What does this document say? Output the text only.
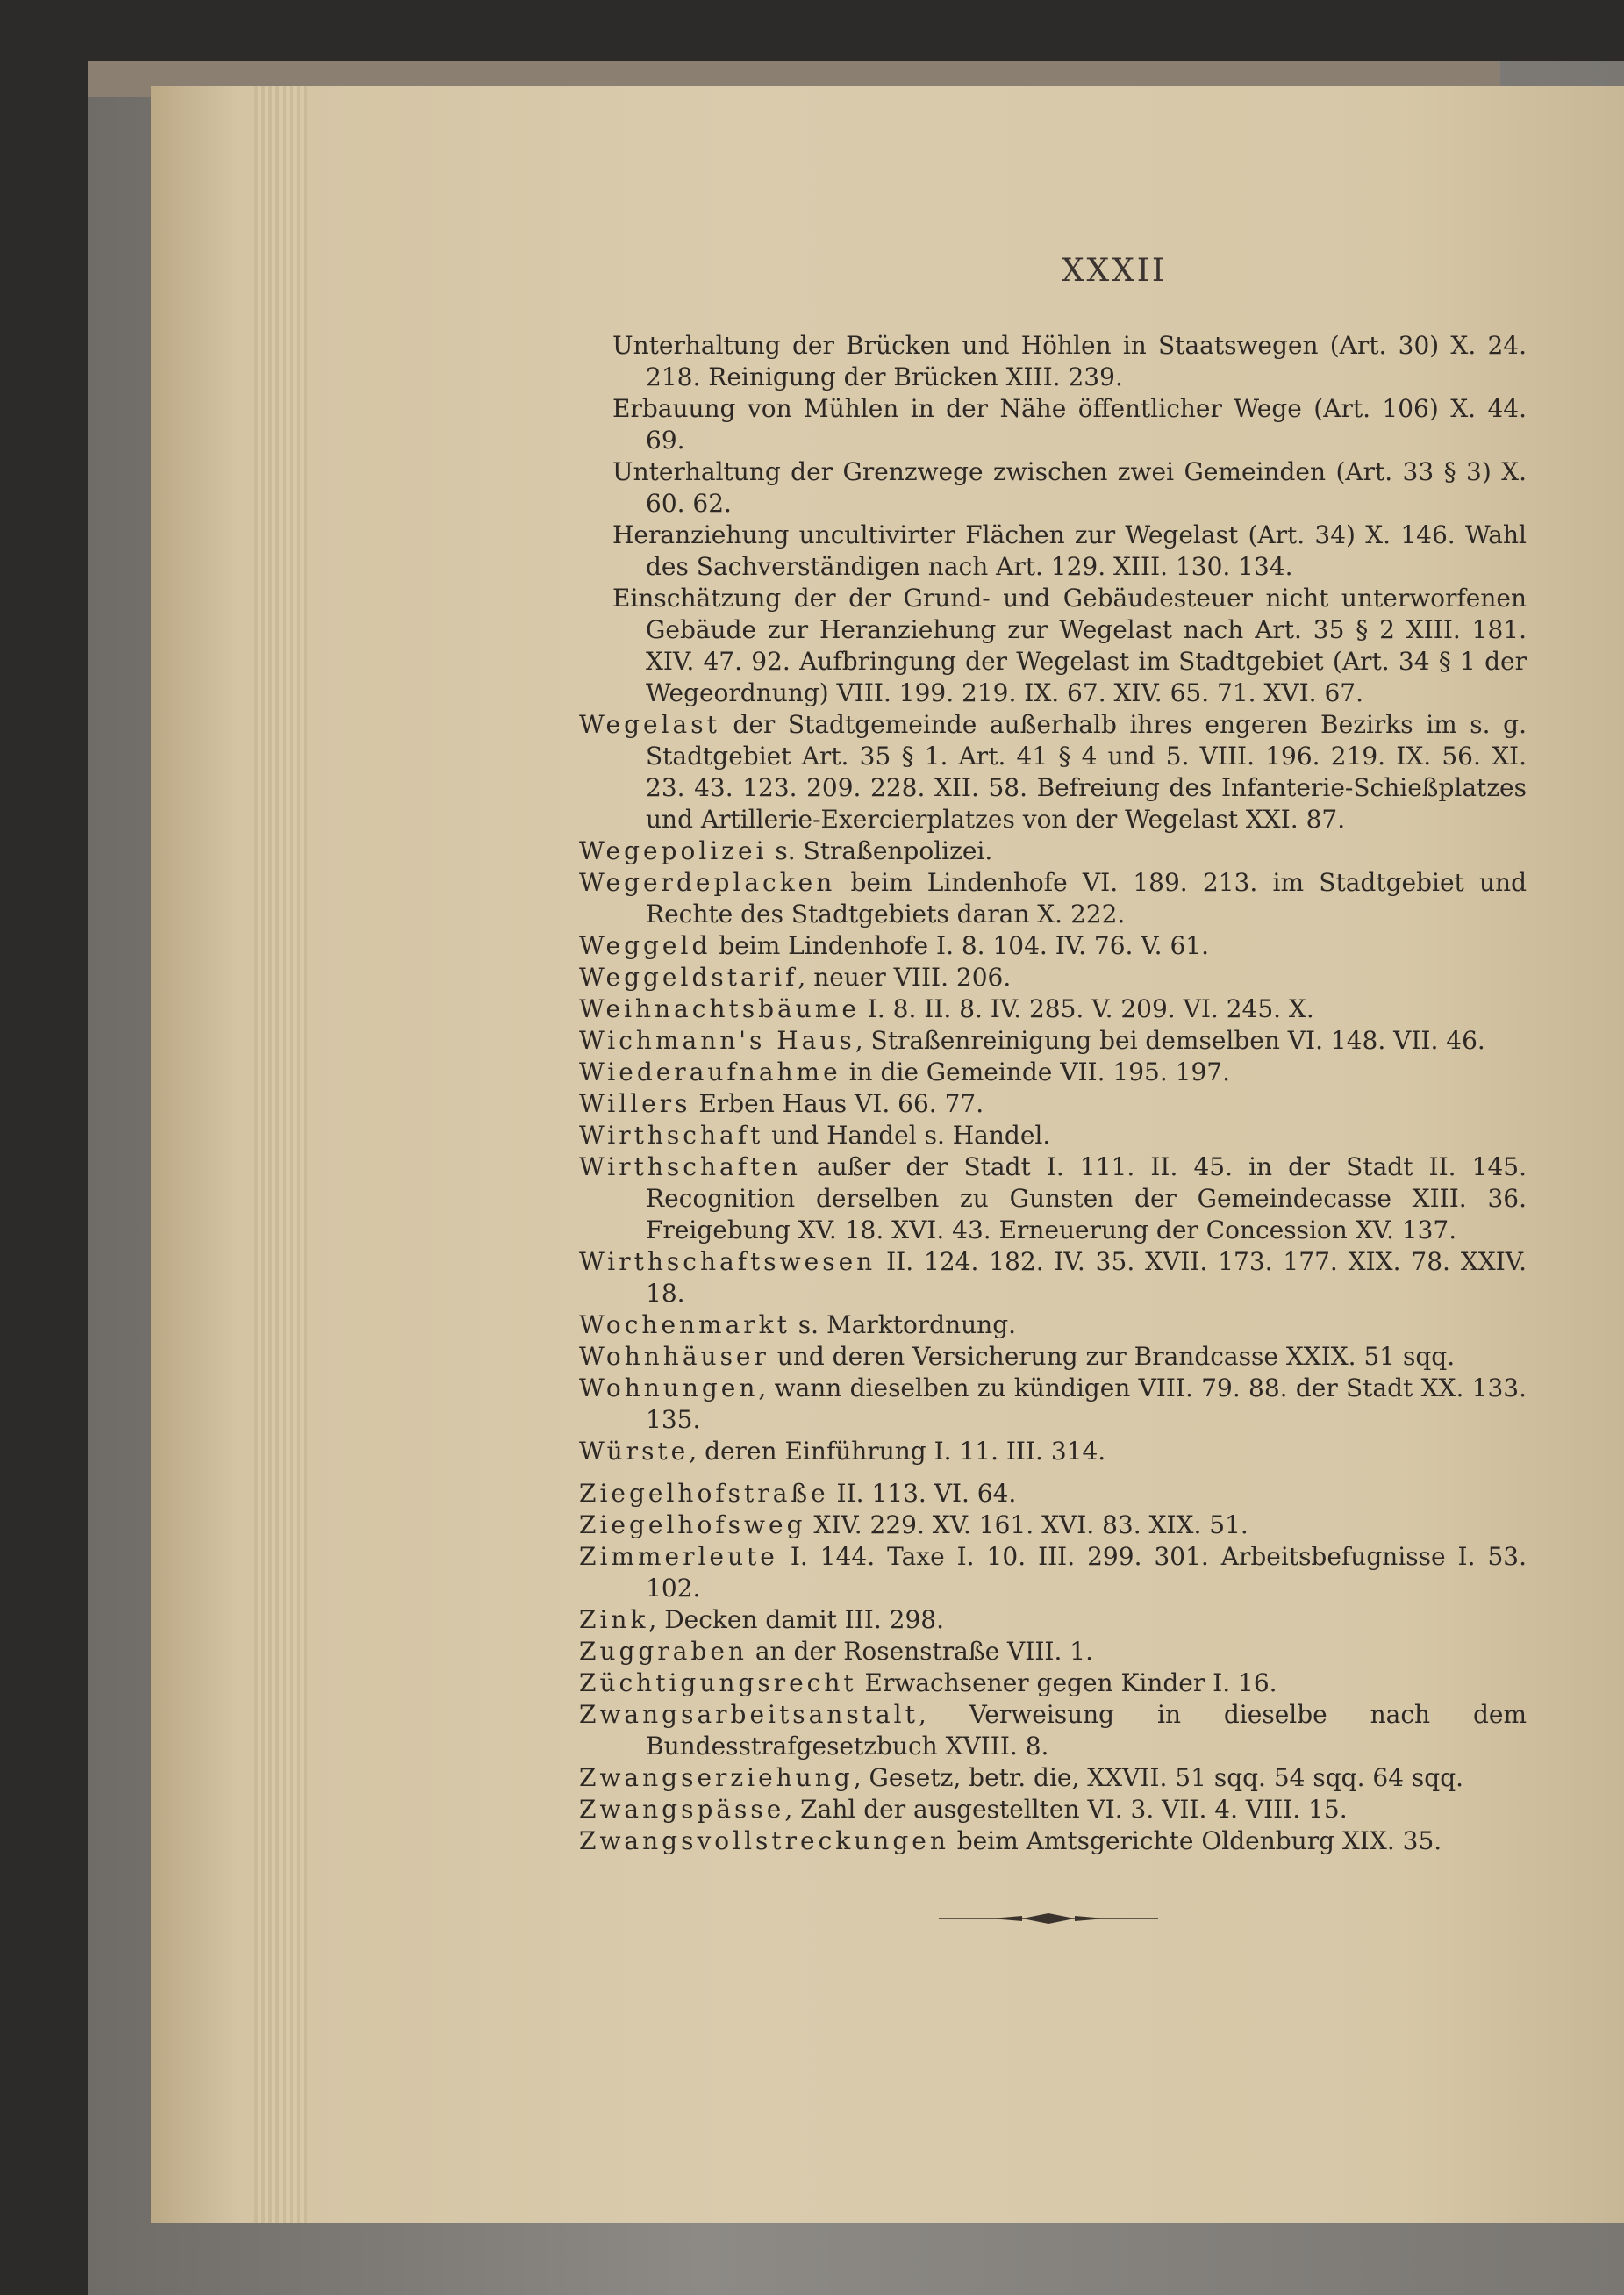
XXXII

Unterhaltung der Brücken und Höhlen in Staatswegen (Art. 30) X. 24. 218. Reinigung der Brücken XIII. 239.

Erbauung von Mühlen in der Nähe öffentlicher Wege (Art. 106) X. 44. 69.

Unterhaltung der Grenzwege zwischen zwei Gemeinden (Art. 33 § 3) X. 60. 62.

Heranziehung uncultivirter Flächen zur Wegelast (Art. 34) X. 146. Wahl des Sachverständigen nach Art. 129. XIII. 130. 134.

Einschätzung der der Grund- und Gebäudesteuer nicht unterworfenen Gebäude zur Heranziehung zur Wegelast nach Art. 35 § 2 XIII. 181. XIV. 47. 92. Aufbringung der Wegelast im Stadtgebiet (Art. 34 § 1 der Wegeordnung) VIII. 199. 219. IX. 67. XIV. 65. 71. XVI. 67.

Wegelast der Stadtgemeinde außerhalb ihres engeren Bezirks im s. g. Stadtgebiet Art. 35 § 1. Art. 41 § 4 und 5. VIII. 196. 219. IX. 56. XI. 23. 43. 123. 209. 228. XII. 58. Befreiung des Infanterie-Schießplatzes und Artillerie-Exercierplatzes von der Wegelast XXI. 87.

Wegepolizei s. Straßenpolizei.

Wegerdeplacken beim Lindenhofe VI. 189. 213. im Stadtgebiet und Rechte des Stadtgebiets daran X. 222.

Weggeld beim Lindenhofe I. 8. 104. IV. 76. V. 61.

Weggeldstarif, neuer VIII. 206.

Weihnachtsbäume I. 8. II. 8. IV. 285. V. 209. VI. 245. X.

Wichmann's Haus, Straßenreinigung bei demselben VI. 148. VII. 46.

Wiederaufnahme in die Gemeinde VII. 195. 197.

Willers Erben Haus VI. 66. 77.

Wirthschaft und Handel s. Handel.

Wirthschaften außer der Stadt I. 111. II. 45. in der Stadt II. 145. Recognition derselben zu Gunsten der Gemeindecasse XIII. 36. Freigebung XV. 18. XVI. 43. Erneuerung der Concession XV. 137.

Wirthschaftswesen II. 124. 182. IV. 35. XVII. 173. 177. XIX. 78. XXIV. 18.

Wochenmarkt s. Marktordnung.

Wohnhäuser und deren Versicherung zur Brandcasse XXIX. 51 sqq.

Wohnungen, wann dieselben zu kündigen VIII. 79. 88. der Stadt XX. 133. 135.

Würste, deren Einführung I. 11. III. 314.

Ziegelhofstraße II. 113. VI. 64.

Ziegelhofsweg XIV. 229. XV. 161. XVI. 83. XIX. 51.

Zimmerleute I. 144. Taxe I. 10. III. 299. 301. Arbeitsbefugnisse I. 53. 102.

Zink, Decken damit III. 298.

Zuggraben an der Rosenstraße VIII. 1.

Züchtigungsrecht Erwachsener gegen Kinder I. 16.

Zwangsarbeitsanstalt, Verweisung in dieselbe nach dem Bundesstrafgesetzbuch XVIII. 8.

Zwangserziehung, Gesetz, betr. die, XXVII. 51 sqq. 54 sqq. 64 sqq.

Zwangspässe, Zahl der ausgestellten VI. 3. VII. 4. VIII. 15.

Zwangsvollstreckungen beim Amtsgerichte Oldenburg XIX. 35.
